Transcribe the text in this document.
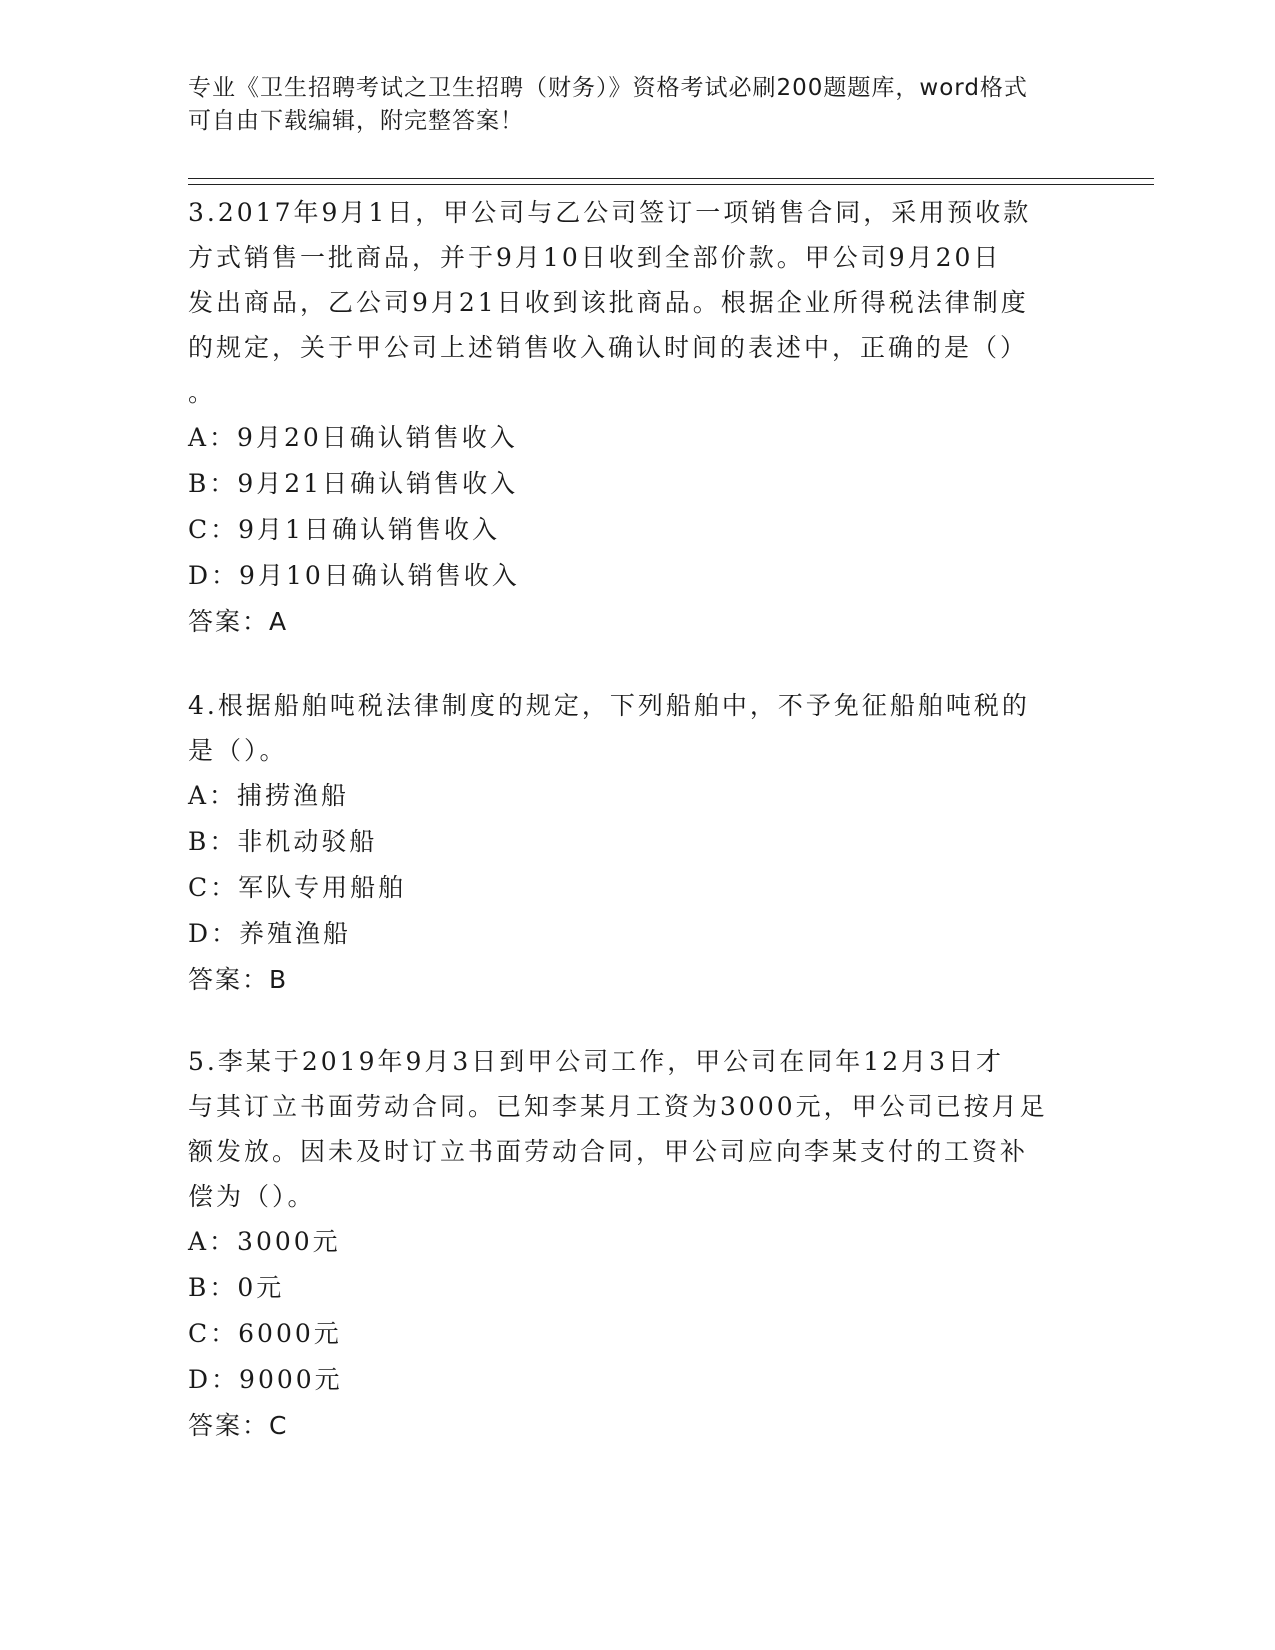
专业《卫生招聘考试之卫生招聘（财务）》资格考试必刷200题题库，word格式
可自由下载编辑，附完整答案！

3.2017年9月1日，甲公司与乙公司签订一项销售合同，采用预收款

方式销售一批商品，并于9月10日收到全部价款。甲公司9月20日

发出商品，乙公司9月21日收到该批商品。根据企业所得税法律制度

的规定，关于甲公司上述销售收入确认时间的表述中，正确的是（）

。

A：9月20日确认销售收入

B：9月21日确认销售收入

C：9月1日确认销售收入

D：9月10日确认销售收入

答案：A

4.根据船舶吨税法律制度的规定，下列船舶中，不予免征船舶吨税的

是（）。

A：捕捞渔船

B：非机动驳船

C：军队专用船舶

D：养殖渔船

答案：B

5.李某于2019年9月3日到甲公司工作，甲公司在同年12月3日才

与其订立书面劳动合同。已知李某月工资为3000元，甲公司已按月足

额发放。因未及时订立书面劳动合同，甲公司应向李某支付的工资补

偿为（）。

A：3000元

B：0元

C：6000元

D：9000元

答案：C
